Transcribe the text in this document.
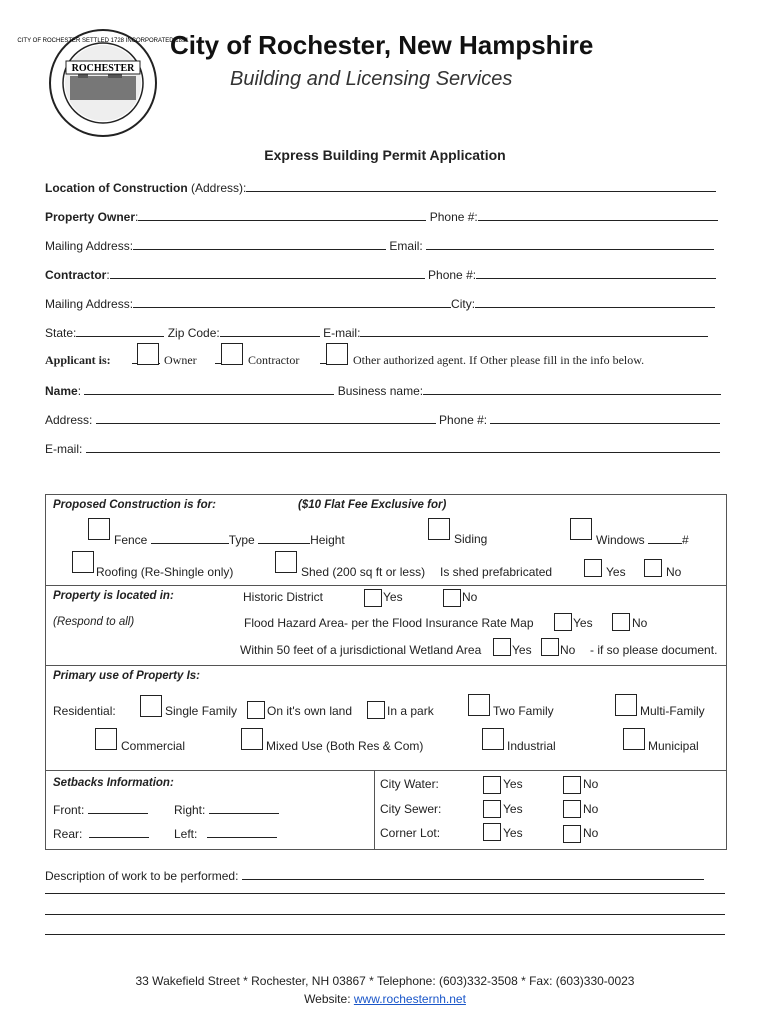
ROCHESTER
CITY OF ROCHESTER SETTLED 1728 INCORPORATED 1891
City of Rochester, New Hampshire
Building and Licensing Services
Express Building Permit Application
Location of Construction (Address):
Property Owner:	Phone #:
Mailing Address:	Email:
Contractor:	Phone #:
Mailing Address:	City:
State:	Zip Code:	E-mail:
Applicant is:	Owner	Contractor	Other authorized agent. If Other please fill in the info below.
Name:	Business name:
Address:	Phone #:
E-mail:
Proposed Construction is for:	($10 Flat Fee Exclusive for)
Fence	Type	Height	Siding	Windows	#
Roofing (Re-Shingle only)	Shed (200 sq ft or less) Is shed prefabricated	Yes	No
Property is located in:
(Respond to all)
Historic District	Yes	No
Flood Hazard Area- per the Flood Insurance Rate Map	Yes	No
Within 50 feet of a jurisdictional Wetland Area	Yes No - if so please document.
Primary use of Property Is:
Residential:	Single Family On it's own land	In a park	Two Family	Multi-Family
Commercial	Mixed Use (Both Res & Com)	Industrial	Municipal
Setbacks Information:
Front:	Right:
Rear:	Left:
City Water:	Yes	No
City Sewer:	Yes	No
Corner Lot:	Yes	No
Description of work to be performed:
33 Wakefield Street * Rochester, NH 03867 * Telephone: (603)332-3508 * Fax: (603)330-0023
Website: www.rochesternh.net
